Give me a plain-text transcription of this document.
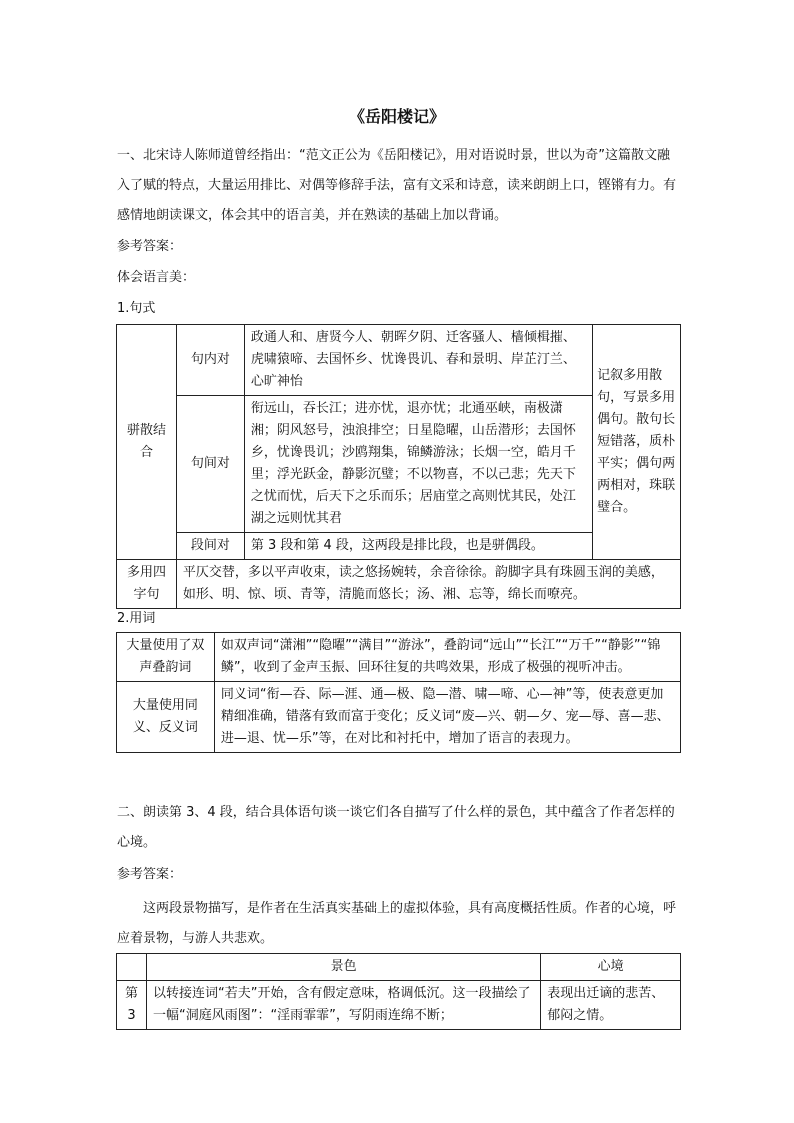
《岳阳楼记》
一、北宋诗人陈师道曾经指出：“范文正公为《岳阳楼记》，用对语说时景，世以为奇”这篇散文融入了赋的特点，大量运用排比、对偶等修辞手法，富有文采和诗意，读来朗朗上口，铿锵有力。有感情地朗读课文，体会其中的语言美，并在熟读的基础上加以背诵。
参考答案：
体会语言美：
1.句式
骈散结合	句内对	政通人和、唐贤今人、朝晖夕阴、迁客骚人、樯倾楫摧、虎啸猿啼、去国怀乡、忧谗畏讥、春和景明、岸芷汀兰、心旷神怡	记叙多用散句，写景多用偶句。散句长短错落，质朴平实；偶句两两相对，珠联璧合。
	句间对	衔远山，吞长江；进亦忧，退亦忧；北通巫峡，南极潇湘；阴风怒号，浊浪排空；日星隐曜，山岳潜形；去国怀乡，忧谗畏讥；沙鸥翔集，锦鳞游泳；长烟一空，皓月千里；浮光跃金，静影沉璧；不以物喜，不以己悲；先天下之忧而忧，后天下之乐而乐；居庙堂之高则忧其民，处江湖之远则忧其君	
	段间对	第 3 段和第 4 段，这两段是排比段，也是骈偶段。	
多用四字句	平仄交替，多以平声收束，读之悠扬婉转，余音徐徐。韵脚字具有珠圆玉润的美感，如形、明、惊、顷、青等，清脆而悠长；汤、湘、忘等，绵长而嘹亮。		
2.用词
大量使用了双声叠韵词	如双声词“潇湘”“隐曜”“满目”“游泳”，叠韵词“远山”“长江”“万千”“静影”“锦鳞”，收到了金声玉振、回环往复的共鸣效果，形成了极强的视听冲击。
大量使用同义、反义词	同义词“衔—吞、际—涯、通—极、隐—潜、啸—啼、心—神”等，使表意更加精细准确，错落有致而富于变化；反义词“废—兴、朝—夕、宠—辱、喜—悲、进—退、忧—乐”等，在对比和衬托中，增加了语言的表现力。
二、朗读第 3、4 段，结合具体语句谈一谈它们各自描写了什么样的景色，其中蕴含了作者怎样的心境。
参考答案：
这两段景物描写，是作者在生活真实基础上的虚拟体验，具有高度概括性质。作者的心境，呼应着景物，与游人共悲欢。
	景色	心境
第3	以转接连词“若夫”开始，含有假定意味，格调低沉。这一段描绘了一幅“洞庭风雨图”：“淫雨霏霏”，写阴雨连绵不断；	表现出迁谪的悲苦、郁闷之情。
